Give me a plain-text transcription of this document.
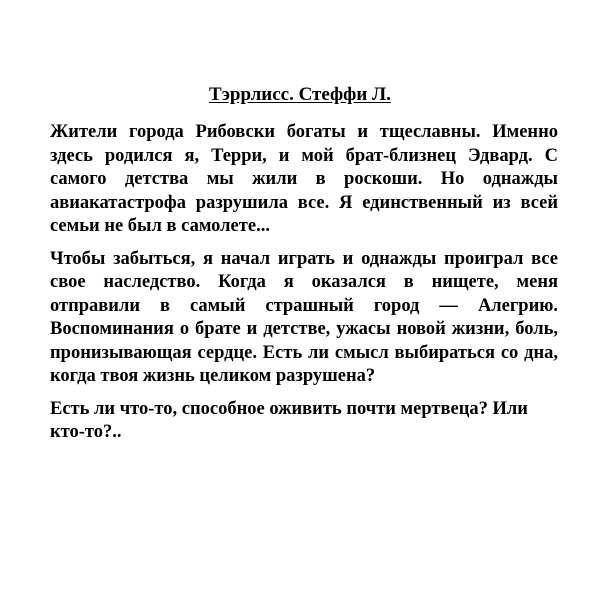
Тэррлисс. Стеффи Л.

Жители города Рибовски богаты и тщеславны. Именно здесь родился я, Терри, и мой брат-близнец Эдвард. С самого детства мы жили в роскоши. Но однажды авиакатастрофа разрушила все. Я единственный из всей семьи не был в самолете...

Чтобы забыться, я начал играть и однажды проиграл все свое наследство. Когда я оказался в нищете, меня отправили в самый страшный город — Алегрию. Воспоминания о брате и детстве, ужасы новой жизни, боль, пронизывающая сердце. Есть ли смысл выбираться со дна, когда твоя жизнь целиком разрушена?

Есть ли что-то, способное оживить почти мертвеца? Или кто-то?..
